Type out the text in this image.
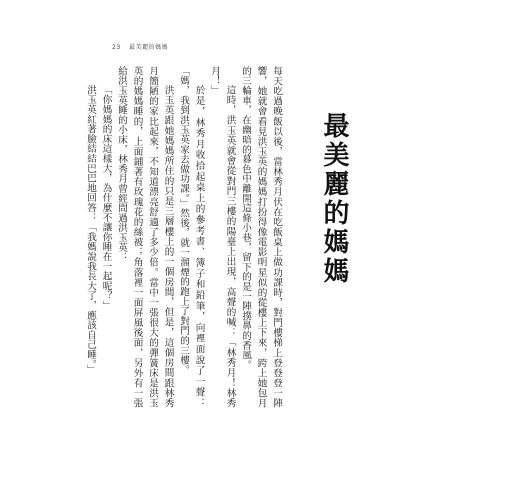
23 最美麗的媽媽
最美麗的媽媽

每天吃過晚飯以後，當林秀月伏在吃飯桌上做功課時，對門樓梯上登登登一陣響，她就會看見洪玉英的媽媽打扮得像電影明星似的從樓上下來，跨上她包月的三輪車，在幽暗的暮色中離開這條小巷，留下的是一陣撲鼻的香風。

這時，洪玉英就會從對門三樓的陽臺上出現，高聲的喊：「林秀月！林秀月！」

於是，林秀月收拾起桌上的參考書、簿子和鉛筆，向裡面說了一聲：「媽，我到洪玉英家去做功課。」然後，就一溜煙的跑上了對門的三樓。

洪玉英跟她媽媽所住的只是三層樓上的一個房間，但是，這個房間跟林秀月簡陋的家比起來，不知道漂亮舒適了多少倍。當中一張很大的彈簧床是洪玉英的媽媽睡的，上面鋪著有玫瑰花的絲被；角落裡一面屏風後面，另外有一張給洪玉英睡的小床，林秀月曾經問過洪玉英：

「你媽媽的床這樣大，為什麼不讓你睡在一起呢？」

洪玉英紅著臉結結巴巴地回答：「我媽說我長大了，應該自己睡。」
